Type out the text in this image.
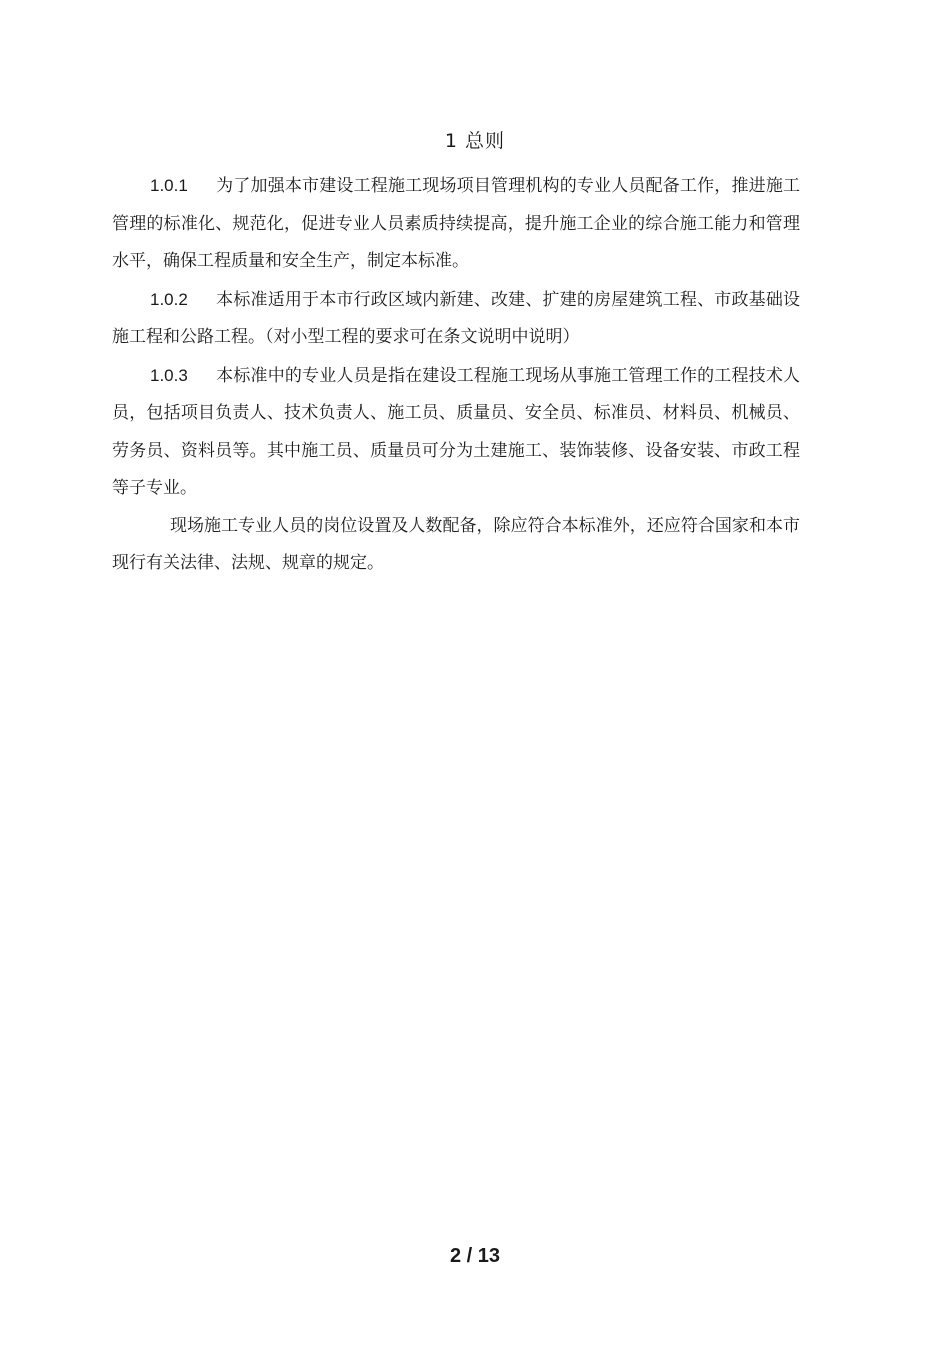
1 总则

1.0.1 为了加强本市建设工程施工现场项目管理机构的专业人员配备工作，推进施工管理的标准化、规范化，促进专业人员素质持续提高，提升施工企业的综合施工能力和管理水平，确保工程质量和安全生产，制定本标准。

1.0.2 本标准适用于本市行政区域内新建、改建、扩建的房屋建筑工程、市政基础设施工程和公路工程。（对小型工程的要求可在条文说明中说明）

1.0.3 本标准中的专业人员是指在建设工程施工现场从事施工管理工作的工程技术人员，包括项目负责人、技术负责人、施工员、质量员、安全员、标准员、材料员、机械员、劳务员、资料员等。其中施工员、质量员可分为土建施工、装饰装修、设备安装、市政工程等子专业。

现场施工专业人员的岗位设置及人数配备，除应符合本标准外，还应符合国家和本市现行有关法律、法规、规章的规定。

2 / 13
